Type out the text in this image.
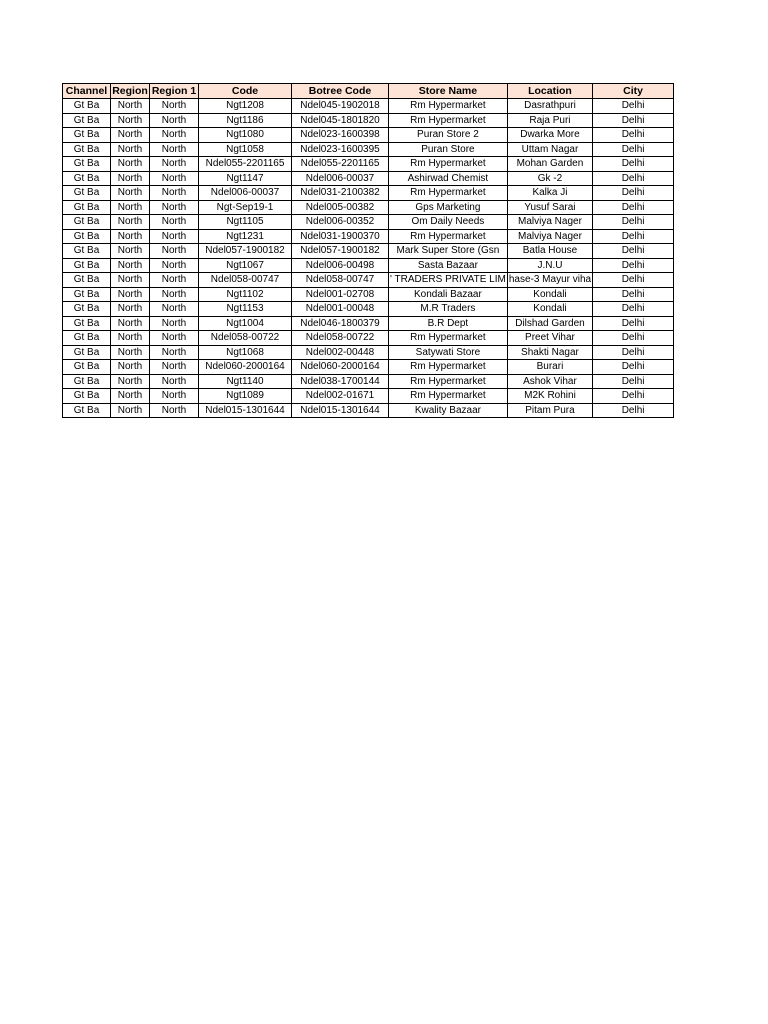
Channel	Region	Region 1	Code	Botree Code	Store Name	Location	City
Gt Ba	North	North	Ngt1208	Ndel045-1902018	Rm Hypermarket	Dasrathpuri	Delhi
Gt Ba	North	North	Ngt1186	Ndel045-1801820	Rm Hypermarket	Raja Puri	Delhi
Gt Ba	North	North	Ngt1080	Ndel023-1600398	Puran Store 2	Dwarka More	Delhi
Gt Ba	North	North	Ngt1058	Ndel023-1600395	Puran Store	Uttam Nagar	Delhi
Gt Ba	North	North	Ndel055-2201165	Ndel055-2201165	Rm Hypermarket	Mohan Garden	Delhi
Gt Ba	North	North	Ngt1147	Ndel006-00037	Ashirwad Chemist	Gk -2	Delhi
Gt Ba	North	North	Ndel006-00037	Ndel031-2100382	Rm Hypermarket	Kalka Ji	Delhi
Gt Ba	North	North	Ngt-Sep19-1	Ndel005-00382	Gps Marketing	Yusuf Sarai	Delhi
Gt Ba	North	North	Ngt1105	Ndel006-00352	Om Daily Needs	Malviya Nager	Delhi
Gt Ba	North	North	Ngt1231	Ndel031-1900370	Rm Hypermarket	Malviya Nager	Delhi
Gt Ba	North	North	Ndel057-1900182	Ndel057-1900182	Mark Super Store (Gsn	Batla House	Delhi
Gt Ba	North	North	Ngt1067	Ndel006-00498	Sasta Bazaar	J.N.U	Delhi
Gt Ba	North	North	Ndel058-00747	Ndel058-00747	' TRADERS PRIVATE LIM	hase-3 Mayur viha	Delhi
Gt Ba	North	North	Ngt1102	Ndel001-02708	Kondali Bazaar	Kondali	Delhi
Gt Ba	North	North	Ngt1153	Ndel001-00048	M.R Traders	Kondali	Delhi
Gt Ba	North	North	Ngt1004	Ndel046-1800379	B.R Dept	Dilshad Garden	Delhi
Gt Ba	North	North	Ndel058-00722	Ndel058-00722	Rm Hypermarket	Preet Vihar	Delhi
Gt Ba	North	North	Ngt1068	Ndel002-00448	Satywati Store	Shakti Nagar	Delhi
Gt Ba	North	North	Ndel060-2000164	Ndel060-2000164	Rm Hypermarket	Burari	Delhi
Gt Ba	North	North	Ngt1140	Ndel038-1700144	Rm Hypermarket	Ashok Vihar	Delhi
Gt Ba	North	North	Ngt1089	Ndel002-01671	Rm Hypermarket	M2K Rohini	Delhi
Gt Ba	North	North	Ndel015-1301644	Ndel015-1301644	Kwality Bazaar	Pitam Pura	Delhi
